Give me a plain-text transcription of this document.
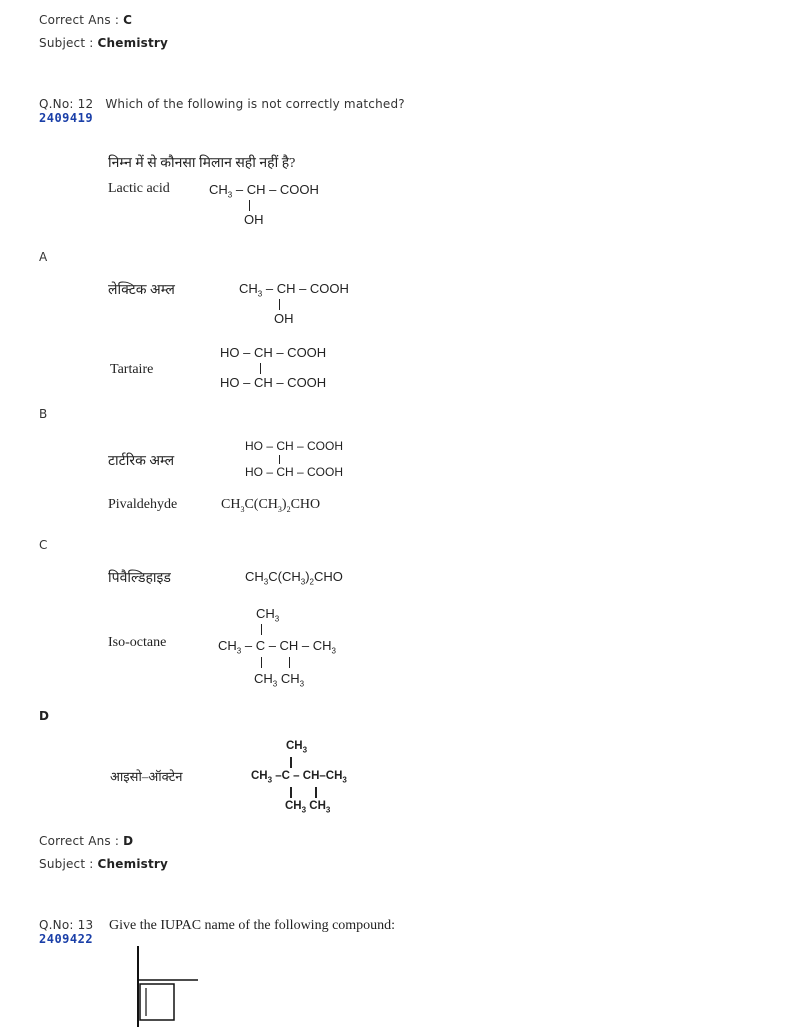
Correct Ans : C
Subject : Chemistry
Q.No: 12 Which of the following is not correctly matched?
2409419
निम्न में से कौनसा मिलान सही नहीं है?
Lactic acid	$CH_3$ – CH – COOH
OH
A
लेक्टिक अम्ल	$CH_3$ – CH – COOH
OH
HO – CH – COOH
HO – CH – COOH
Tartaire
B
HO – CH – COOH
टार्टरिक अम्ल
HO – CH – COOH
Pivaldehyde	$CH_3C(CH_3)_2CHO$
C
पिवैल्डिहाइड	$CH_3C(CH_3)_2CHO$
$CH_3$
Iso-octane	$CH_3$ – C – CH – $CH_3$
$CH_3$ $CH_3$
D
$CH_3$
आइसो–ऑक्टेन	$CH_3$ $-C - CH-CH_3$
$CH_3$ $CH_3$
Correct Ans : D
Subject : Chemistry
Q.No: 13 Give the IUPAC name of the following compound:
2409422
